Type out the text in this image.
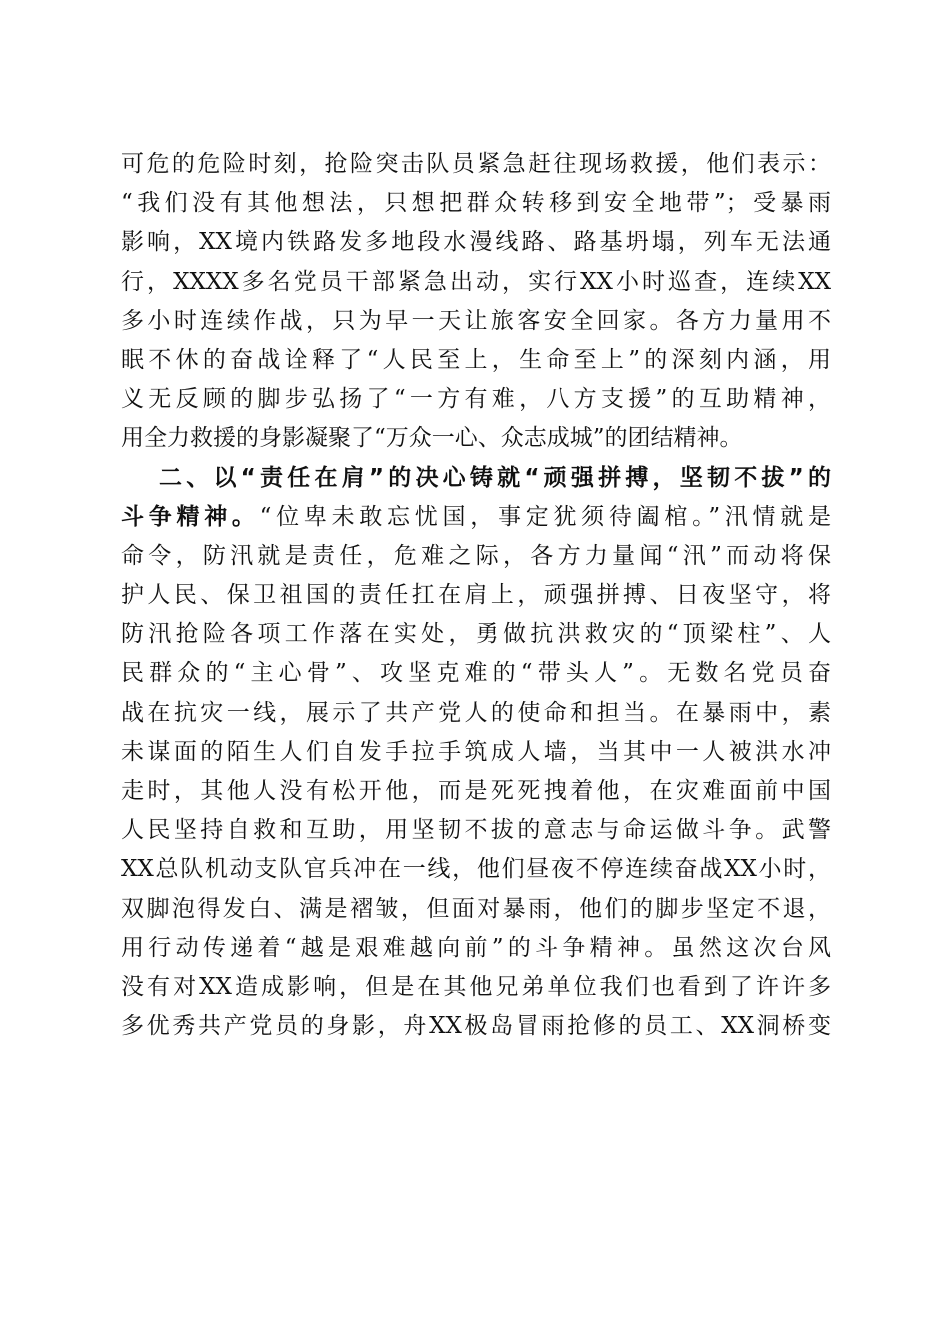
可危的危险时刻，抢险突击队员紧急赶往现场救援，他们表示：
“我们没有其他想法，只想把群众转移到安全地带”；受暴雨
影响，XX境内铁路发多地段水漫线路、路基坍塌，列车无法通
行，XXXX多名党员干部紧急出动，实行XX小时巡查，连续XX
多小时连续作战，只为早一天让旅客安全回家。各方力量用不
眠不休的奋战诠释了“人民至上，生命至上”的深刻内涵，用
义无反顾的脚步弘扬了“一方有难，八方支援”的互助精神，
用全力救援的身影凝聚了“万众一心、众志成城”的团结精神。
二、以“责任在肩”的决心铸就“顽强拼搏，坚韧不拔”的
斗争精神。“位卑未敢忘忧国，事定犹须待阖棺。”汛情就是
命令，防汛就是责任，危难之际，各方力量闻“汛”而动将保
护人民、保卫祖国的责任扛在肩上，顽强拼搏、日夜坚守，将
防汛抢险各项工作落在实处，勇做抗洪救灾的“顶梁柱”、人
民群众的“主心骨”、攻坚克难的“带头人”。无数名党员奋
战在抗灾一线，展示了共产党人的使命和担当。在暴雨中，素
未谋面的陌生人们自发手拉手筑成人墙，当其中一人被洪水冲
走时，其他人没有松开他，而是死死拽着他，在灾难面前中国
人民坚持自救和互助，用坚韧不拔的意志与命运做斗争。武警
XX总队机动支队官兵冲在一线，他们昼夜不停连续奋战XX小时，
双脚泡得发白、满是褶皱，但面对暴雨，他们的脚步坚定不退，
用行动传递着“越是艰难越向前”的斗争精神。虽然这次台风
没有对XX造成影响，但是在其他兄弟单位我们也看到了许许多
多优秀共产党员的身影，舟XX极岛冒雨抢修的员工、XX洞桥变
